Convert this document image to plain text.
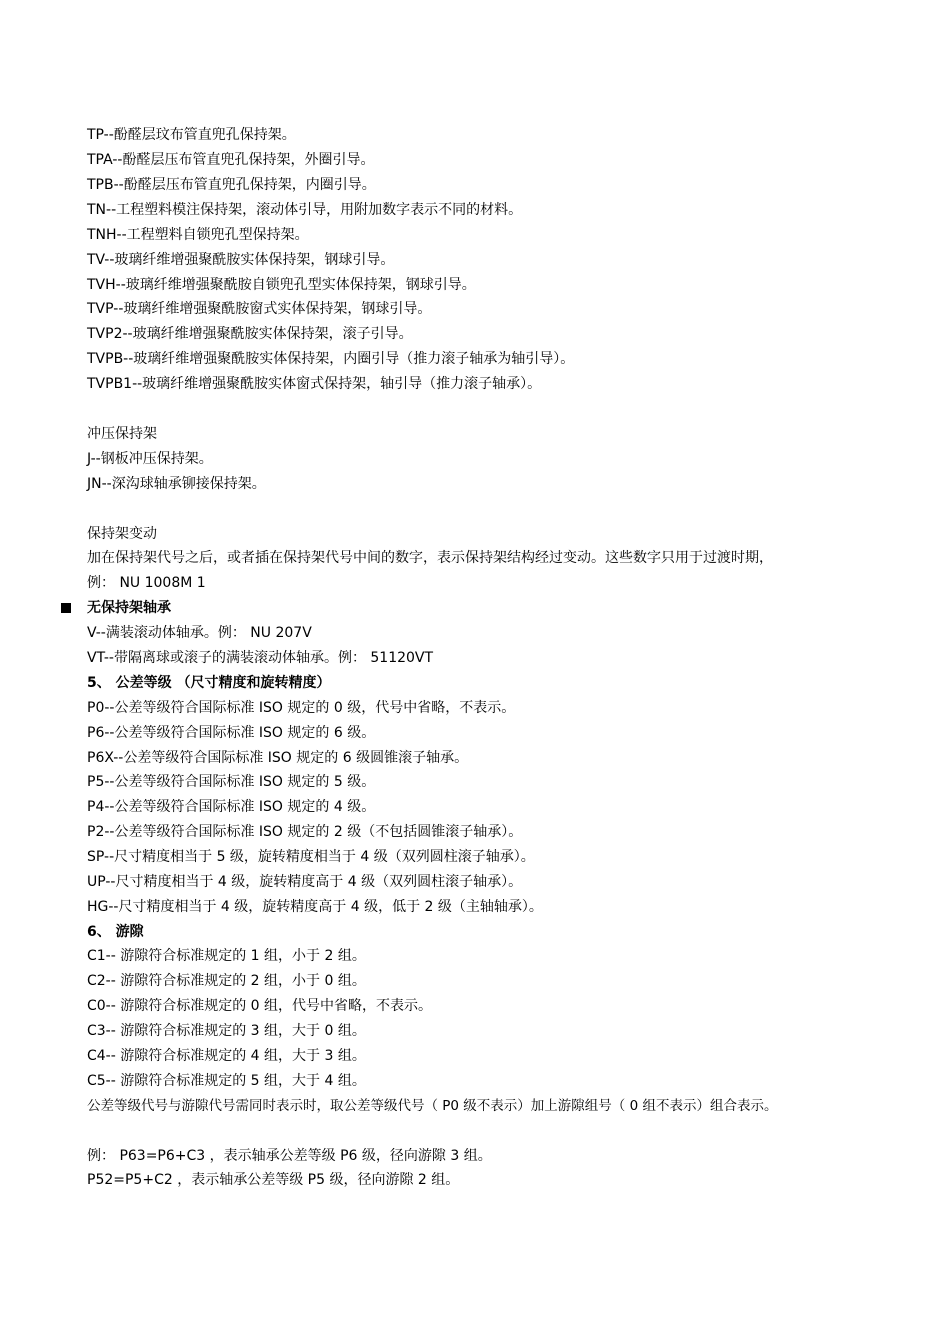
TP--酚醛层玟布管直兜孔保持架。
TPA--酚醛层压布管直兜孔保持架，外圈引导。
TPB--酚醛层压布管直兜孔保持架，内圈引导。
TN--工程塑料模注保持架，滚动体引导，用附加数字表示不同的材料。
TNH--工程塑料自锁兜孔型保持架。
TV--玻璃纤维增强聚酰胺实体保持架，钢球引导。
TVH--玻璃纤维增强聚酰胺自锁兜孔型实体保持架，钢球引导。
TVP--玻璃纤维增强聚酰胺窗式实体保持架，钢球引导。
TVP2--玻璃纤维增强聚酰胺实体保持架，滚子引导。
TVPB--玻璃纤维增强聚酰胺实体保持架，内圈引导（推力滚子轴承为轴引导）。
TVPB1--玻璃纤维增强聚酰胺实体窗式保持架，轴引导（推力滚子轴承）。
冲压保持架
J--钢板冲压保持架。
JN--深沟球轴承铆接保持架。
保持架变动
加在保持架代号之后，或者插在保持架代号中间的数字，表示保持架结构经过变动。这些数字只用于过渡时期，
例： NU 1008M 1
无保持架轴承
V--满装滚动体轴承。例： NU 207V
VT--带隔离球或滚子的满装滚动体轴承。例： 51120VT
5、 公差等级 （尺寸精度和旋转精度）
P0--公差等级符合国际标准 ISO 规定的 0 级，代号中省略，不表示。
P6--公差等级符合国际标准 ISO 规定的 6 级。
P6X--公差等级符合国际标准 ISO 规定的 6 级圆锥滚子轴承。
P5--公差等级符合国际标准 ISO 规定的 5 级。
P4--公差等级符合国际标准 ISO 规定的 4 级。
P2--公差等级符合国际标准 ISO 规定的 2 级（不包括圆锥滚子轴承）。
SP--尺寸精度相当于 5 级，旋转精度相当于 4 级（双列圆柱滚子轴承）。
UP--尺寸精度相当于 4 级，旋转精度高于 4 级（双列圆柱滚子轴承）。
HG--尺寸精度相当于 4 级，旋转精度高于 4 级，低于 2 级（主轴轴承）。
6、 游隙
C1-- 游隙符合标准规定的 1 组，小于 2 组。
C2-- 游隙符合标准规定的 2 组，小于 0 组。
C0-- 游隙符合标准规定的 0 组，代号中省略，不表示。
C3-- 游隙符合标准规定的 3 组，大于 0 组。
C4-- 游隙符合标准规定的 4 组，大于 3 组。
C5-- 游隙符合标准规定的 5 组，大于 4 组。
公差等级代号与游隙代号需同时表示时，取公差等级代号（ P0 级不表示）加上游隙组号（ 0 组不表示）组合表示。
例： P63=P6+C3 ，表示轴承公差等级 P6 级，径向游隙 3 组。
P52=P5+C2 ，表示轴承公差等级 P5 级，径向游隙 2 组。
